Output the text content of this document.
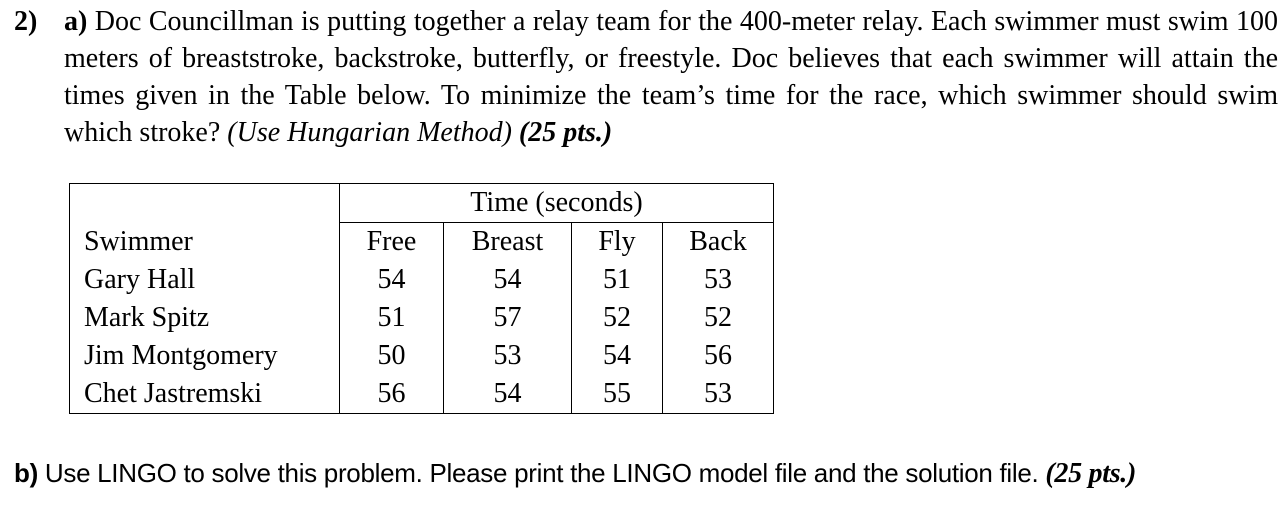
2) a) Doc Councillman is putting together a relay team for the 400-meter relay. Each swimmer must swim 100 meters of breaststroke, backstroke, butterfly, or freestyle. Doc believes that each swimmer will attain the times given in the Table below. To minimize the team’s time for the race, which swimmer should swim which stroke? (Use Hungarian Method) (25 pts.)
	Time (seconds)			
Swimmer	Free	Breast	Fly	Back
Gary Hall	54	54	51	53
Mark Spitz	51	57	52	52
Jim Montgomery	50	53	54	56
Chet Jastremski	56	54	55	53
b) Use LINGO to solve this problem. Please print the LINGO model file and the solution file. (25 pts.)
